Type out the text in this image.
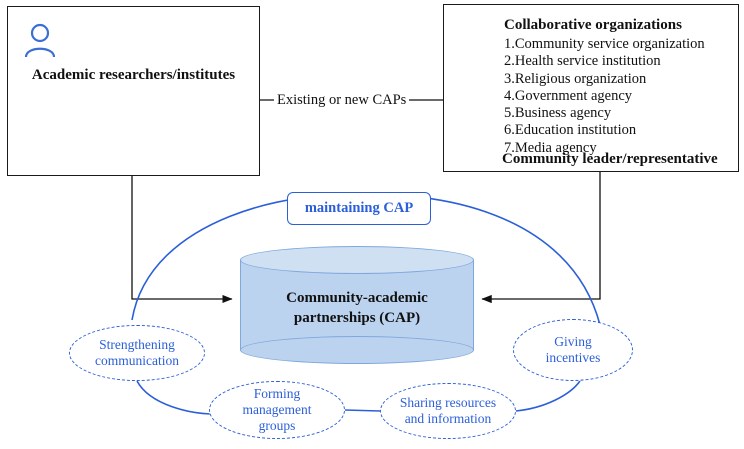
Academic researchers/institutes
Collaborative organizations
1.Community service organization
2.Health service institution
3.Religious organization
4.Government agency
5.Business agency
6.Education institution
7.Media agency
Community leader/representative
Existing or new CAPs
maintaining CAP
Community-academic
partnerships (CAP)
Strengthening
communication
Forming
management
groups
Sharing resources
and information
Giving
incentives
